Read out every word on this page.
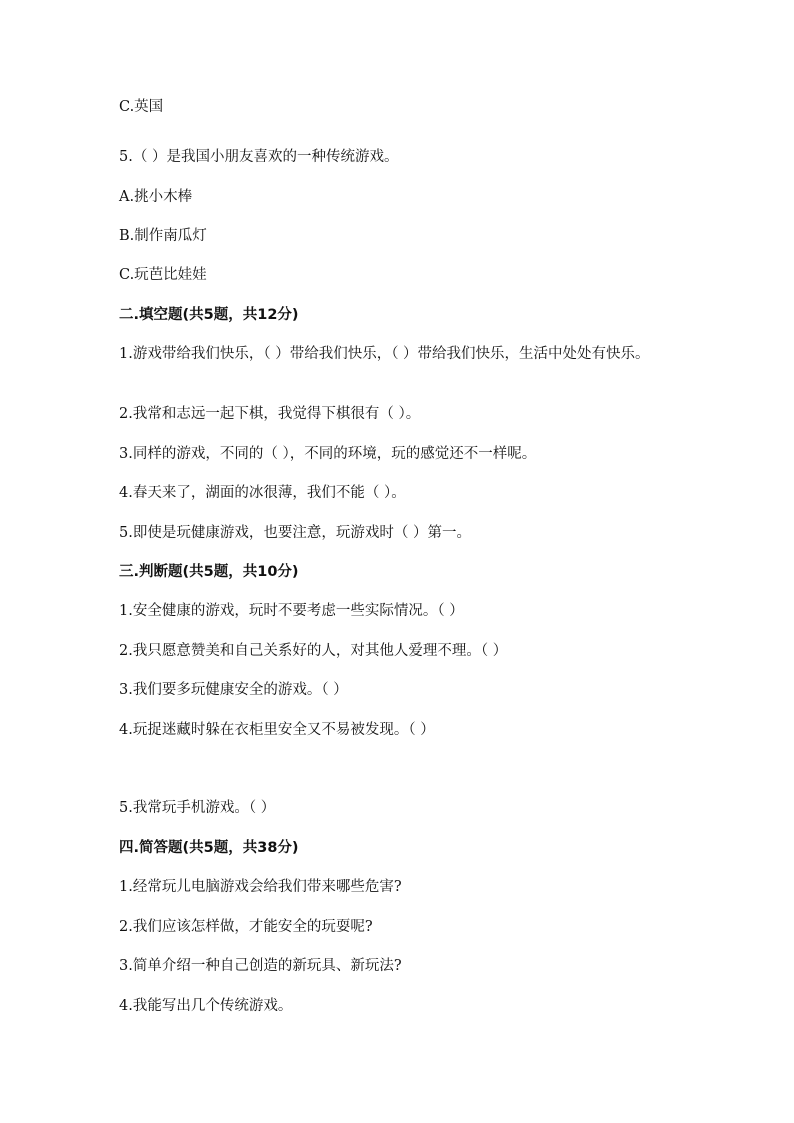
C.英国
5.（ ）是我国小朋友喜欢的一种传统游戏。
A.挑小木棒
B.制作南瓜灯
C.玩芭比娃娃
二.填空题(共5题，共12分)
1.游戏带给我们快乐，（ ）带给我们快乐，（ ）带给我们快乐，生活中处处有快乐。
2.我常和志远一起下棋，我觉得下棋很有（ ）。
3.同样的游戏，不同的（ ），不同的环境，玩的感觉还不一样呢。
4.春天来了，湖面的冰很薄，我们不能（ ）。
5.即使是玩健康游戏，也要注意，玩游戏时（ ）第一。
三.判断题(共5题，共10分)
1.安全健康的游戏，玩时不要考虑一些实际情况。（ ）
2.我只愿意赞美和自己关系好的人，对其他人爱理不理。（ ）
3.我们要多玩健康安全的游戏。（ ）
4.玩捉迷藏时躲在衣柜里安全又不易被发现。（ ）
5.我常玩手机游戏。（ ）
四.简答题(共5题，共38分)
1.经常玩儿电脑游戏会给我们带来哪些危害?
2.我们应该怎样做，才能安全的玩耍呢?
3.简单介绍一种自己创造的新玩具、新玩法?
4.我能写出几个传统游戏。
